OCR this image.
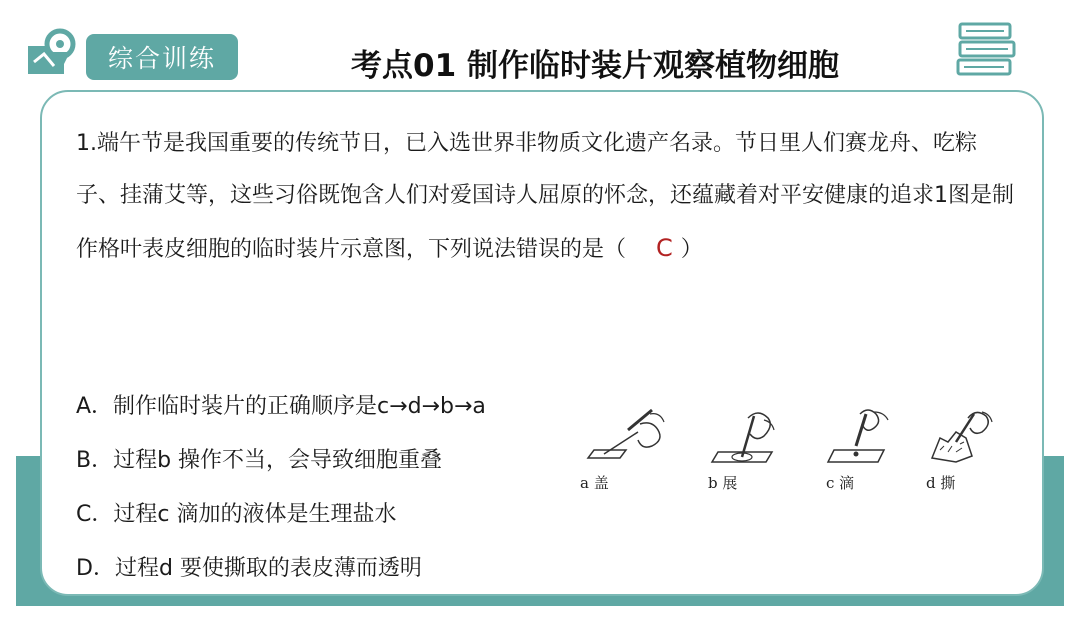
综合训练	考点01 制作临时装片观察植物细胞
1.端午节是我国重要的传统节日，已入选世界非物质文化遗产名录。节日里人们赛龙舟、吃粽子、挂蒲艾等，这些习俗既饱含人们对爱国诗人屈原的怀念，还蕴藏着对平安健康的追求1图是制作格叶表皮细胞的临时装片示意图，下列说法错误的是（ C ）
A．制作临时装片的正确顺序是c→d→b→a
B．过程b 操作不当，会导致细胞重叠
C．过程c 滴加的液体是生理盐水
D．过程d 要使撕取的表皮薄而透明
a 盖	b 展	c 滴	d 撕
